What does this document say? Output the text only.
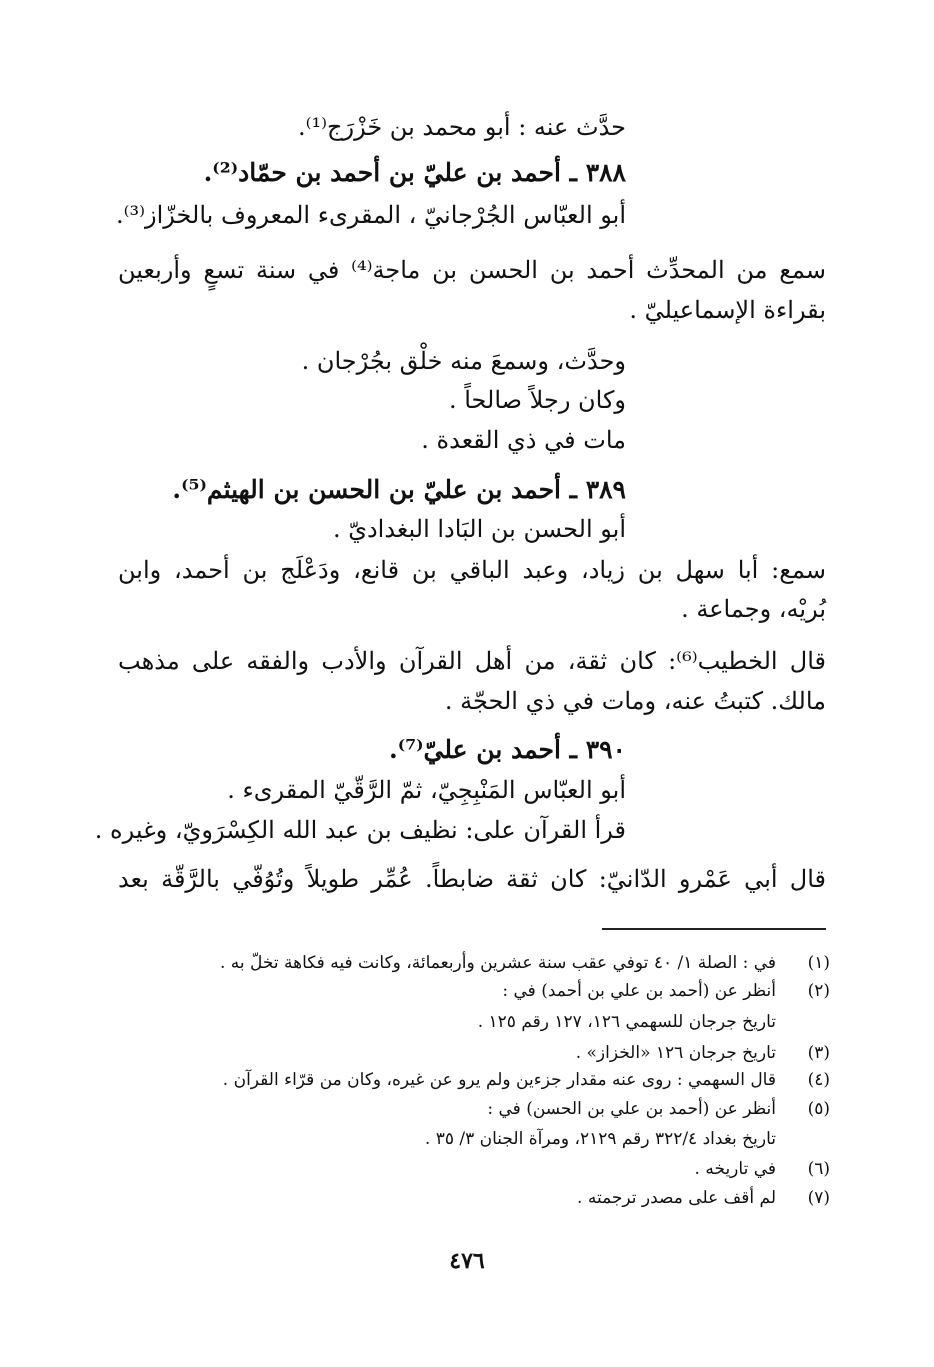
حدَّث عنه : أبو محمد بن خَزْرَج⁽¹⁾.
٣٨٨ ـ أحمد بن عليّ بن أحمد بن حمّاد⁽²⁾.
أبو العبّاس الجُرْجانيّ ، المقرىء المعروف بالخزّاز⁽³⁾.
سمع من المحدِّث أحمد بن الحسن بن ماجة⁽⁴⁾ في سنة تسعٍ وأربعين
بقراءة الإسماعيليّ .
وحدَّث، وسمعَ منه خلْق بجُرْجان .
وكان رجلاً صالحاً .
مات في ذي القعدة .
٣٨٩ ـ أحمد بن عليّ بن الحسن بن الهيثم⁽⁵⁾.
أبو الحسن بن البَادا البغداديّ .
سمع: أبا سهل بن زياد، وعبد الباقي بن قانع، ودَعْلَج بن أحمد، وابن
بُريْه، وجماعة .
قال الخطيب⁽⁶⁾: كان ثقة، من أهل القرآن والأدب والفقه على مذهب
مالك. كتبتُ عنه، ومات في ذي الحجّة .
٣٩٠ ـ أحمد بن عليّ⁽⁷⁾.
أبو العبّاس المَنْبِجِيّ، ثمّ الرَّقّيّ المقرىء .
قرأ القرآن على: نظيف بن عبد الله الكِسْرَويّ، وغيره .
قال أبي عَمْرو الدّانيّ: كان ثقة ضابطاً. عُمِّر طويلاً وتُوُفّي بالرَّقّة بعد
(١)
في : الصلة ١/ ٤٠ توفي عقب سنة عشرين وأربعمائة، وكانت فيه فكاهة تخلّ به .
(٢)
أنظر عن (أحمد بن علي بن أحمد) في :
تاريخ جرجان للسهمي ١٢٦، ١٢٧ رقم ١٢٥ .
(٣)
تاريخ جرجان ١٢٦ «الخزاز» .
(٤)
قال السهمي : روى عنه مقدار جزءين ولم يرو عن غيره، وكان من قرّاء القرآن .
(٥)
أنظر عن (أحمد بن علي بن الحسن) في :
تاريخ بغداد ٣٢٢/٤ رقم ٢١٢٩، ومرآة الجنان ٣/ ٣٥ .
(٦)
في تاريخه .
(٧)
لم أقف على مصدر ترجمته .
٤٧٦
